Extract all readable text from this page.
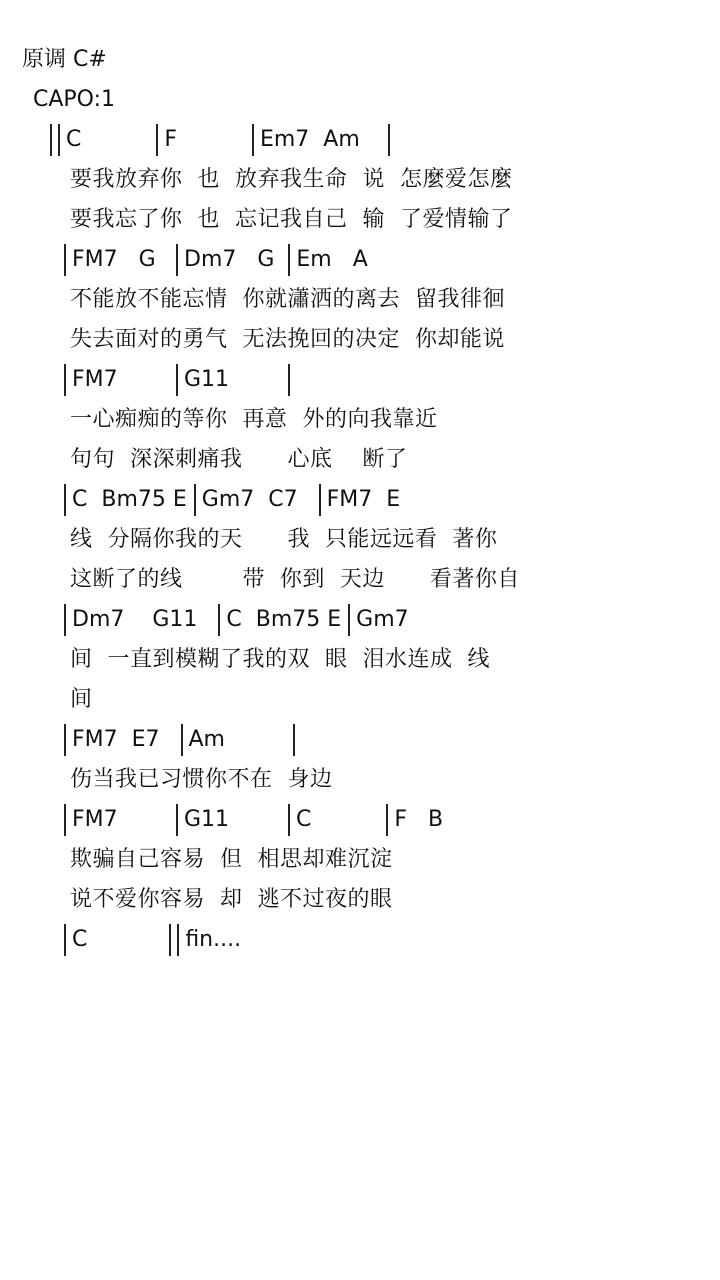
原调 C#

CAPO:1

C F Em7  Am
要我放弃你  也  放弃我生命  说  怎麼爱怎麼
要我忘了你  也  忘记我自己  输  了爱情输了
FM7   G Dm7   G Em   A
不能放不能忘情  你就瀟洒的离去  留我徘徊
失去面对的勇气  无法挽回的决定  你却能说
FM7 G11
一心痴痴的等你  再意  外的向我靠近
句句  深深刺痛我      心底    断了
C  Bm75 E Gm7  C7 FM7  E
线  分隔你我的天      我  只能远远看  著你
这断了的线        带  你到  天边      看著你自
Dm7    G11 C  Bm75 E Gm7
间  一直到模糊了我的双  眼  泪水连成  线
间
FM7  E7 Am
伤当我已习惯你不在  身边
FM7 G11 C F   B
欺骗自己容易  但  相思却难沉淀
说不爱你容易  却  逃不过夜的眼
C	fin....
